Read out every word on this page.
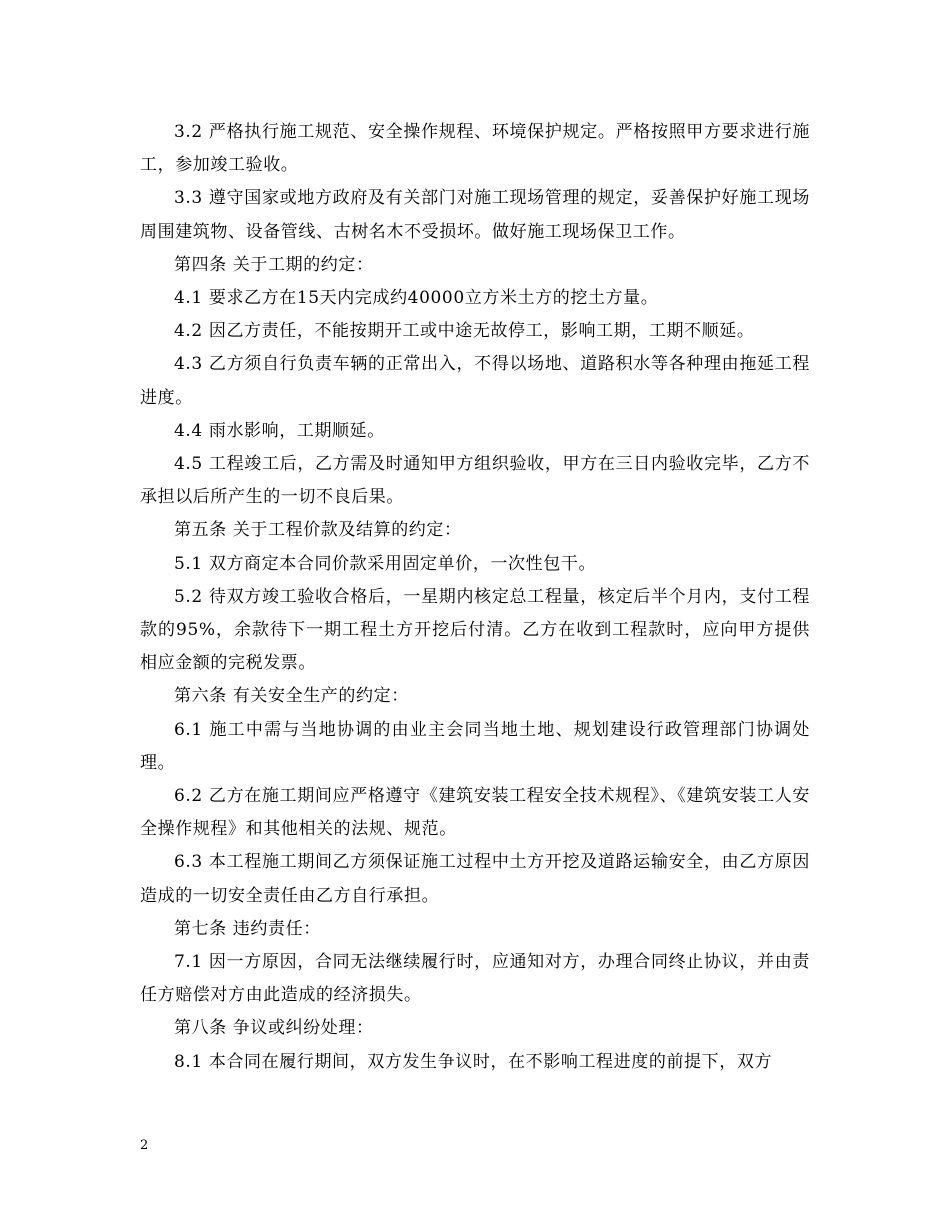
3.2 严格执行施工规范、安全操作规程、环境保护规定。严格按照甲方要求进行施工，参加竣工验收。

3.3 遵守国家或地方政府及有关部门对施工现场管理的规定，妥善保护好施工现场周围建筑物、设备管线、古树名木不受损坏。做好施工现场保卫工作。

第四条 关于工期的约定：

4.1 要求乙方在15天内完成约40000立方米土方的挖土方量。

4.2 因乙方责任，不能按期开工或中途无故停工，影响工期，工期不顺延。

4.3 乙方须自行负责车辆的正常出入，不得以场地、道路积水等各种理由拖延工程进度。

4.4 雨水影响，工期顺延。

4.5 工程竣工后，乙方需及时通知甲方组织验收，甲方在三日内验收完毕，乙方不承担以后所产生的一切不良后果。

第五条 关于工程价款及结算的约定：

5.1 双方商定本合同价款采用固定单价，一次性包干。

5.2 待双方竣工验收合格后，一星期内核定总工程量，核定后半个月内，支付工程款的95%，余款待下一期工程土方开挖后付清。乙方在收到工程款时，应向甲方提供相应金额的完税发票。

第六条 有关安全生产的约定：

6.1 施工中需与当地协调的由业主会同当地土地、规划建设行政管理部门协调处理。

6.2 乙方在施工期间应严格遵守《建筑安装工程安全技术规程》、《建筑安装工人安全操作规程》和其他相关的法规、规范。

6.3 本工程施工期间乙方须保证施工过程中土方开挖及道路运输安全，由乙方原因造成的一切安全责任由乙方自行承担。

第七条 违约责任：

7.1 因一方原因，合同无法继续履行时，应通知对方，办理合同终止协议，并由责任方赔偿对方由此造成的经济损失。

第八条 争议或纠纷处理：

8.1 本合同在履行期间，双方发生争议时，在不影响工程进度的前提下，双方

2
